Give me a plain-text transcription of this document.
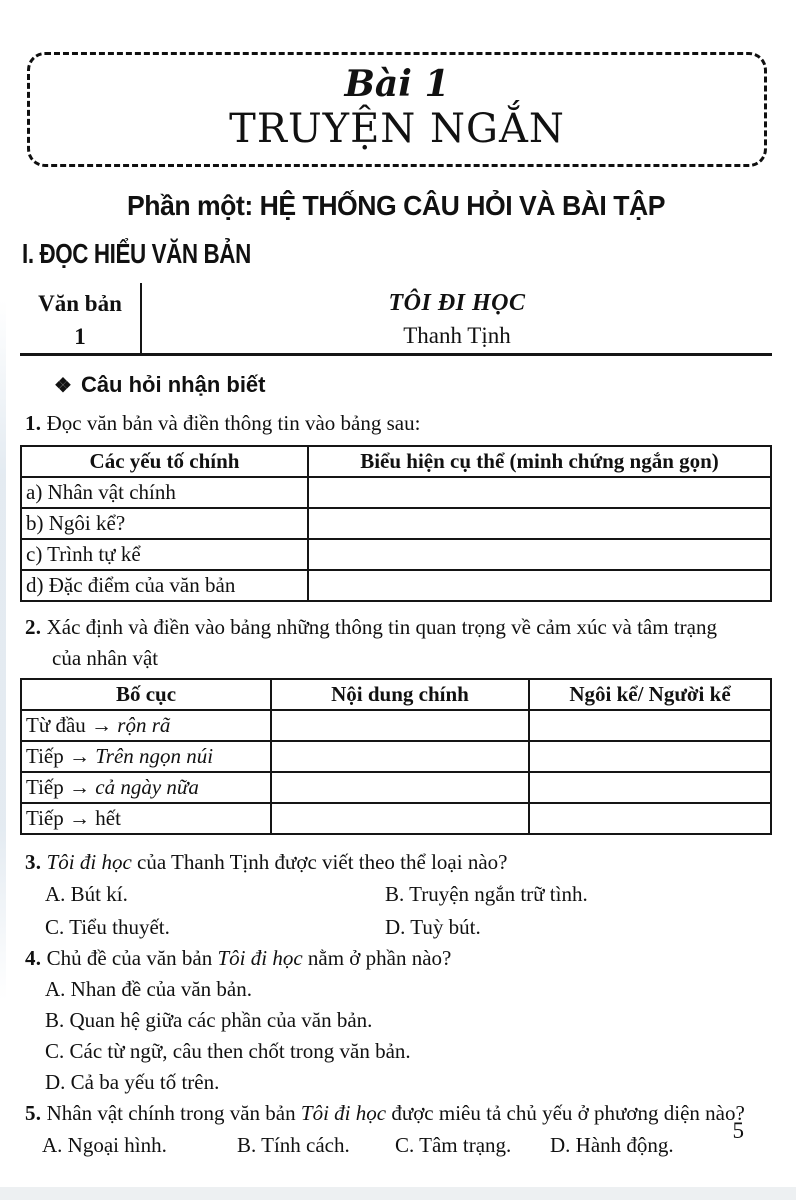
Bài 1
TRUYỆN NGẮN
Phần một: HỆ THỐNG CÂU HỎI VÀ BÀI TẬP
I. ĐỌC HIỂU VĂN BẢN
Văn bản
1
TÔI ĐI HỌC
Thanh Tịnh
❖ Câu hỏi nhận biết
1. Đọc văn bản và điền thông tin vào bảng sau:
Các yếu tố chính	Biểu hiện cụ thể (minh chứng ngắn gọn)
a) Nhân vật chính	
b) Ngôi kể?	
c) Trình tự kể	
d) Đặc điểm của văn bản	
2. Xác định và điền vào bảng những thông tin quan trọng về cảm xúc và tâm trạng
của nhân vật
Bố cục	Nội dung chính	Ngôi kể/ Người kể
Từ đầu → rộn rã		
Tiếp → Trên ngọn núi		
Tiếp → cả ngày nữa		
Tiếp → hết		
3. Tôi đi học của Thanh Tịnh được viết theo thể loại nào?
A. Bút kí.	B. Truyện ngắn trữ tình.
C. Tiểu thuyết.	D. Tuỳ bút.
4. Chủ đề của văn bản Tôi đi học nằm ở phần nào?
A. Nhan đề của văn bản.
B. Quan hệ giữa các phần của văn bản.
C. Các từ ngữ, câu then chốt trong văn bản.
D. Cả ba yếu tố trên.
5. Nhân vật chính trong văn bản Tôi đi học được miêu tả chủ yếu ở phương diện nào?
A. Ngoại hình.	B. Tính cách.	C. Tâm trạng.	D. Hành động.
5
